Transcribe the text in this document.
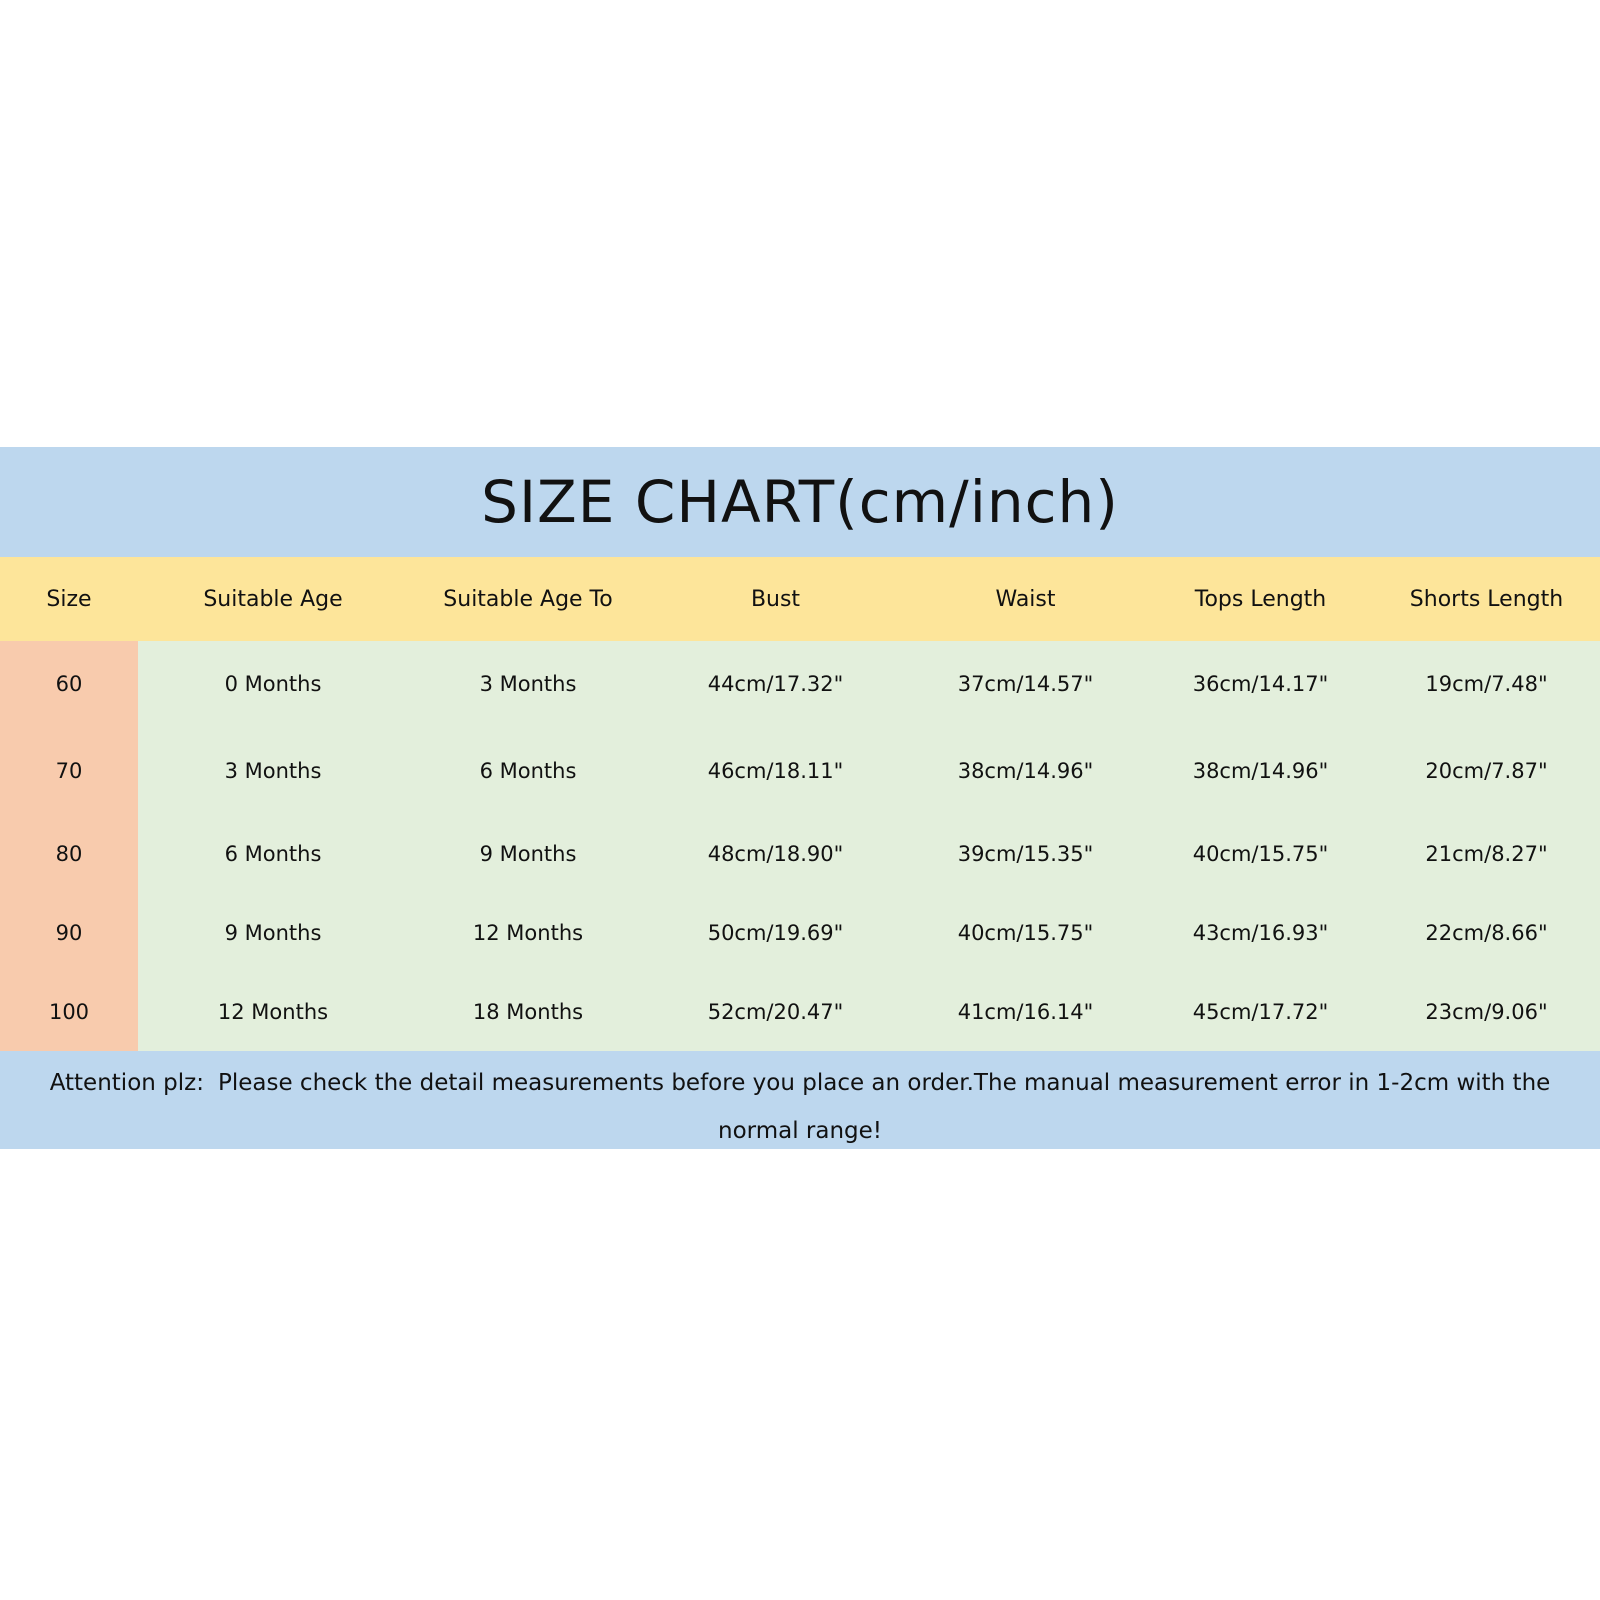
SIZE CHART(cm/inch)
Size	Suitable Age	Suitable Age To	Bust	Waist	Tops Length	Shorts Length
60	0 Months	3 Months	44cm/17.32"	37cm/14.57"	36cm/14.17"	19cm/7.48"
70	3 Months	6 Months	46cm/18.11"	38cm/14.96"	38cm/14.96"	20cm/7.87"
80	6 Months	9 Months	48cm/18.90"	39cm/15.35"	40cm/15.75"	21cm/8.27"
90	9 Months	12 Months	50cm/19.69"	40cm/15.75"	43cm/16.93"	22cm/8.66"
100	12 Months	18 Months	52cm/20.47"	41cm/16.14"	45cm/17.72"	23cm/9.06"
Attention plz: Please check the detail measurements before you place an order.The manual measurement error in 1-2cm with the normal range!
